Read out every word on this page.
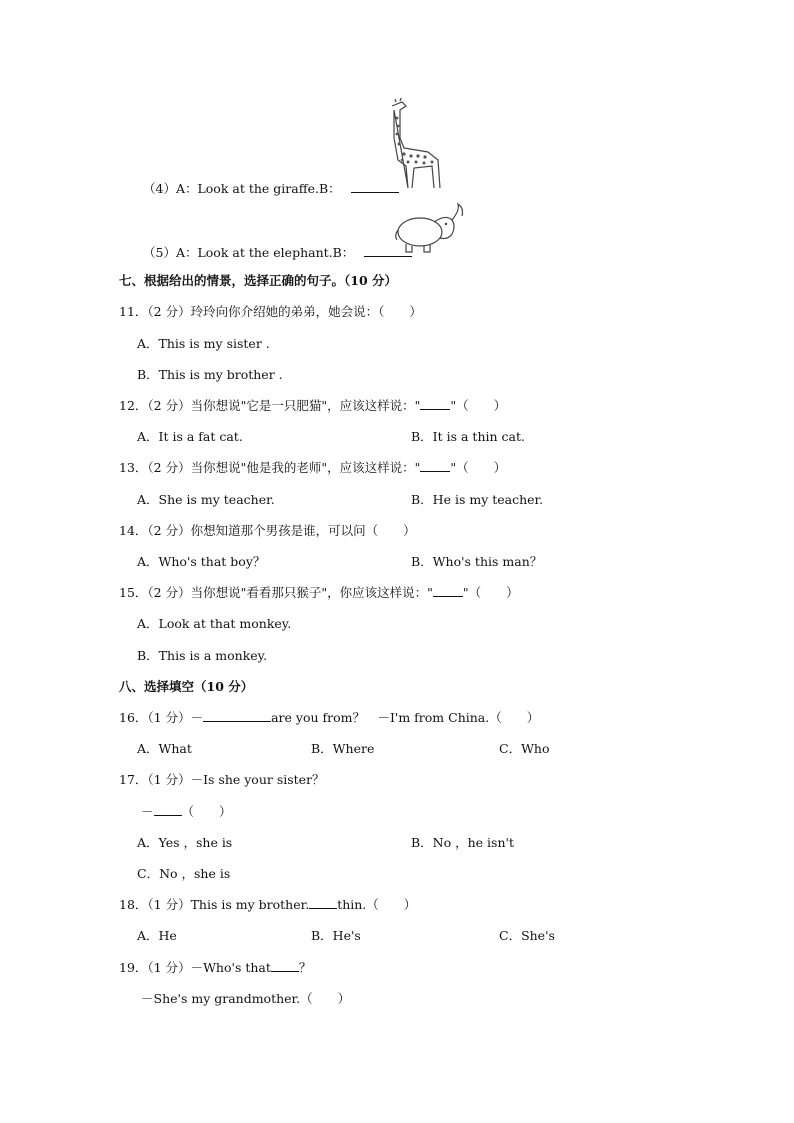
（4）A：Look at the giraffe.B：
（5）A：Look at the elephant.B：
七、根据给出的情景，选择正确的句子。（10 分）
11．（2 分）玲玲向你介绍她的弟弟，她会说：（　　）
A．This is my sister .
B．This is my brother .
12．（2 分）当你想说"它是一只肥猫"，应该这样说：" "（　　）
A．It is a fat cat.	B．It is a thin cat.
13．（2 分）当你想说"他是我的老师"，应该这样说：" "（　　）
A．She is my teacher.	B．He is my teacher.
14．（2 分）你想知道那个男孩是谁，可以问（　　）
A．Who's that boy？	B．Who's this man？
15．（2 分）当你想说"看看那只猴子"，你应该这样说：" "（　　）
A．Look at that monkey.
B．This is a monkey.
八、选择填空（10 分）
16．（1 分）－	are you from？　－I'm from China.（　　）
A．What	B．Where	C．Who
17．（1 分）－Is she your sister？
－ （　　）
A．Yes ，she is	B．No ，he isn't
C．No ，she is
18．（1 分）This is my brother. thin.（　　）
A．He	B．He's	C．She's
19．（1 分）－Who's that ？
－She's my grandmother.（　　）
